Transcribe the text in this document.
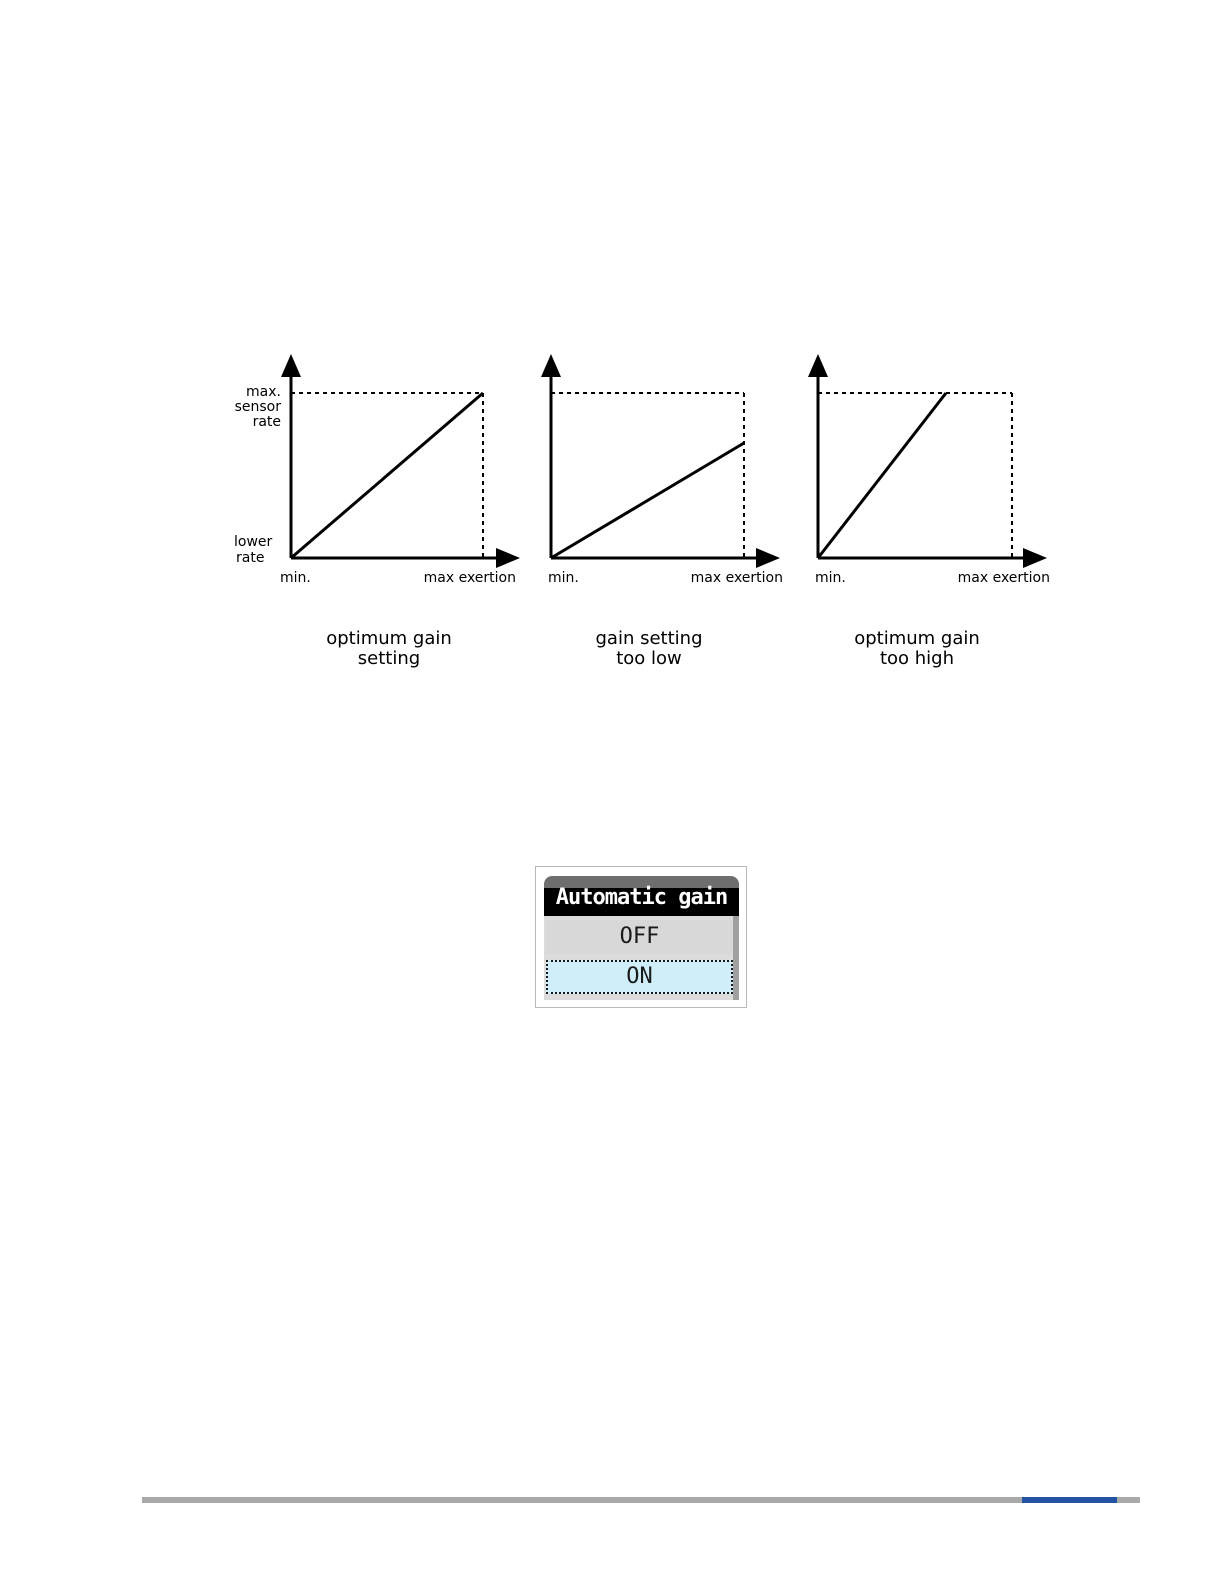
max.
sensor
rate
lower
rate
min.	max exertion
optimum gain
setting
min.	max exertion
gain setting
too low
min.	max exertion
optimum gain
too high
Automatic gain
OFF
ON
